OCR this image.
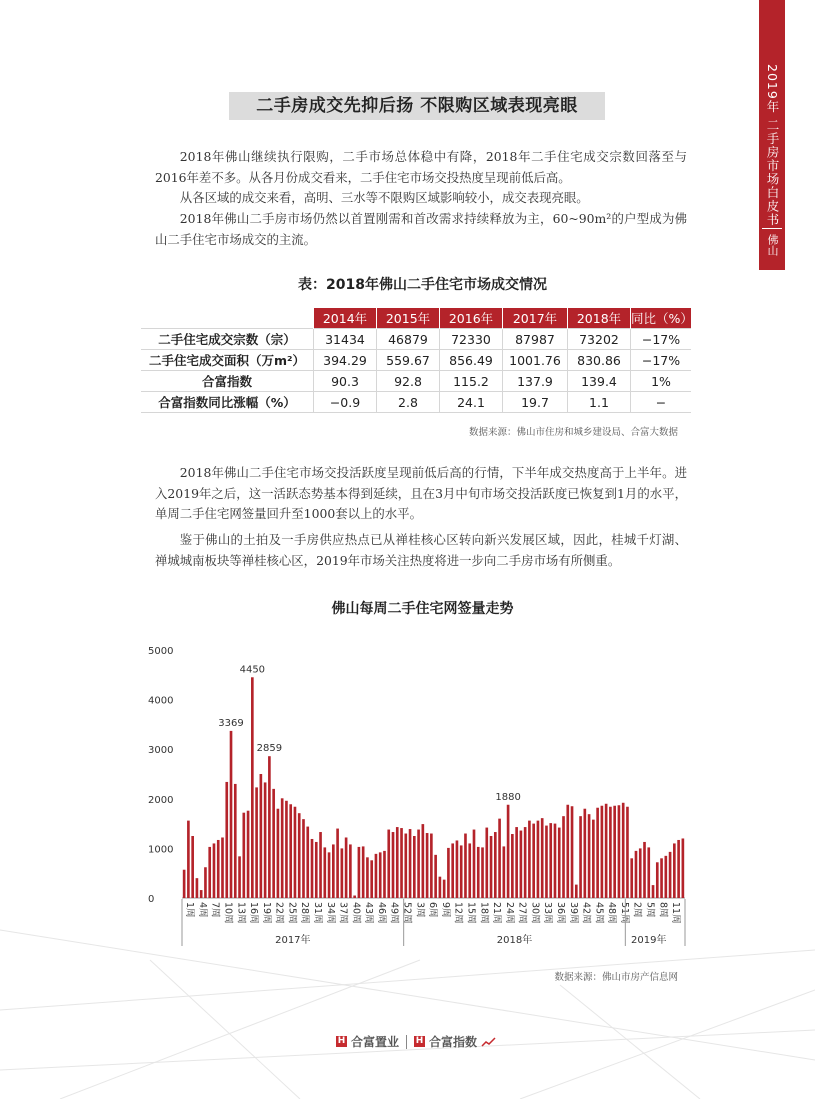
2019年 二手房市场白皮书
佛山
二手房成交先抑后扬 不限购区域表现亮眼

2018年佛山继续执行限购，二手市场总体稳中有降，2018年二手住宅成交宗数回落至与2016年差不多。从各月份成交看来，二手住宅市场交投热度呈现前低后高。

从各区域的成交来看，高明、三水等不限购区域影响较小，成交表现亮眼。

2018年佛山二手房市场仍然以首置刚需和首改需求持续释放为主，60~90m²的户型成为佛山二手住宅市场成交的主流。

表：2018年佛山二手住宅市场成交情况
	2014年	2015年	2016年	2017年	2018年	同比（%）
二手住宅成交宗数（宗）	31434	46879	72330	87987	73202	−17%
二手住宅成交面积（万m²）	394.29	559.67	856.49	1001.76	830.86	−17%
合富指数	90.3	92.8	115.2	137.9	139.4	1%
合富指数同比涨幅（%）	−0.9	2.8	24.1	19.7	1.1	−
数据来源：佛山市住房和城乡建设局、合富大数据

2018年佛山二手住宅市场交投活跃度呈现前低后高的行情，下半年成交热度高于上半年。进入2019年之后，这一活跃态势基本得到延续，且在3月中旬市场交投活跃度已恢复到1月的水平，单周二手住宅网签量回升至1000套以上的水平。

鉴于佛山的土拍及一手房供应热点已从禅桂核心区转向新兴发展区域，因此，桂城千灯湖、禅城城南板块等禅桂核心区，2019年市场关注热度将进一步向二手房市场有所侧重。

佛山每周二手住宅网签量走势
0
1000
2000
3000
4000
5000
3369
4450
2859
1880
1周 4周 7周 10周 13周 16周 19周 22周 25周 28周 31周 34周 37周 40周 43周 46周 49周 52周 3周 6周 9周 12周 15周 18周 21周 24周 27周 30周 33周 36周 39周 42周 45周 48周 51周 2周 5周 8周 11周
2017年	2018年	2019年
数据来源：佛山市房产信息网
H 合富置业 H 合富指数
